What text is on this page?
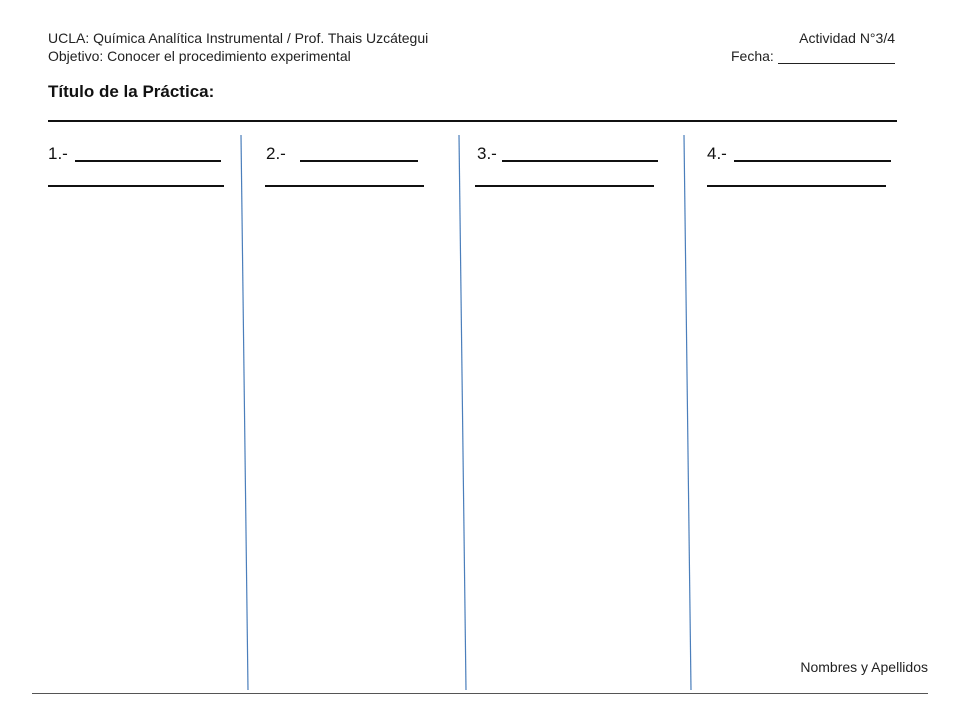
UCLA: Química Analítica Instrumental / Prof. Thais Uzcátegui
Objetivo: Conocer el procedimiento experimental
Actividad N°3/4
Fecha:
Título de la Práctica:
1.-	2.-	3.-	4.-
Nombres y Apellidos
